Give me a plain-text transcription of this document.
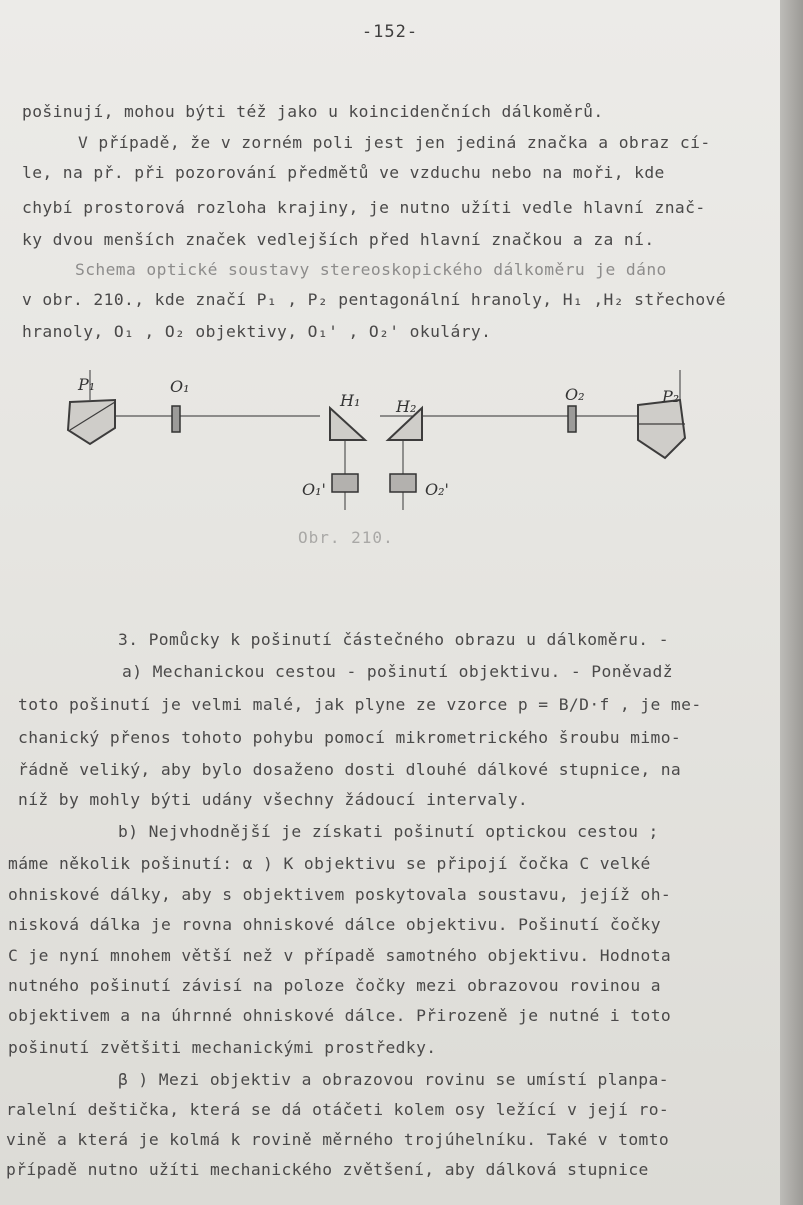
-152-
pošinují, mohou býti též jako u koincidenčních dálkoměrů.
V případě, že v zorném poli jest jen jediná značka a obraz cí-
le, na př. při pozorování předmětů ve vzduchu nebo na moři, kde
chybí prostorová rozloha krajiny, je nutno užíti vedle hlavní znač-
ky dvou menších značek vedlejších před hlavní značkou a za ní.
Schema optické soustavy stereoskopického dálkoměru je dáno
v obr. 210., kde značí P₁ , P₂ pentagonální hranoly, H₁ ,H₂ střechové
hranoly, O₁ , O₂ objektivy, O₁' , O₂' okuláry.
P₁	O₁
H₁ H₂
O₂	P₂
O₁'	O₂'
Obr. 210.
3. Pomůcky k pošinutí částečného obrazu u dálkoměru. -
a) Mechanickou cestou - pošinutí objektivu. - Poněvadž
toto pošinutí je velmi malé, jak plyne ze vzorce p = B/D·f , je me-
chanický přenos tohoto pohybu pomocí mikrometrického šroubu mimo-
řádně veliký, aby bylo dosaženo dosti dlouhé dálkové stupnice, na
níž by mohly býti udány všechny žádoucí intervaly.
b) Nejvhodnější je získati pošinutí optickou cestou ;
máme několik pošinutí: α ) K objektivu se připojí čočka C velké
ohniskové dálky, aby s objektivem poskytovala soustavu, jejíž oh-
nisková dálka je rovna ohniskové dálce objektivu. Pošinutí čočky
C je nyní mnohem větší než v případě samotného objektivu. Hodnota
nutného pošinutí závisí na poloze čočky mezi obrazovou rovinou a
objektivem a na úhrnné ohniskové dálce. Přirozeně je nutné i toto
pošinutí zvětšiti mechanickými prostředky.
β ) Mezi objektiv a obrazovou rovinu se umístí planpa-
ralelní deštička, která se dá otáčeti kolem osy ležící v její ro-
vině a která je kolmá k rovině měrného trojúhelníku. Také v tomto
případě nutno užíti mechanického zvětšení, aby dálková stupnice
